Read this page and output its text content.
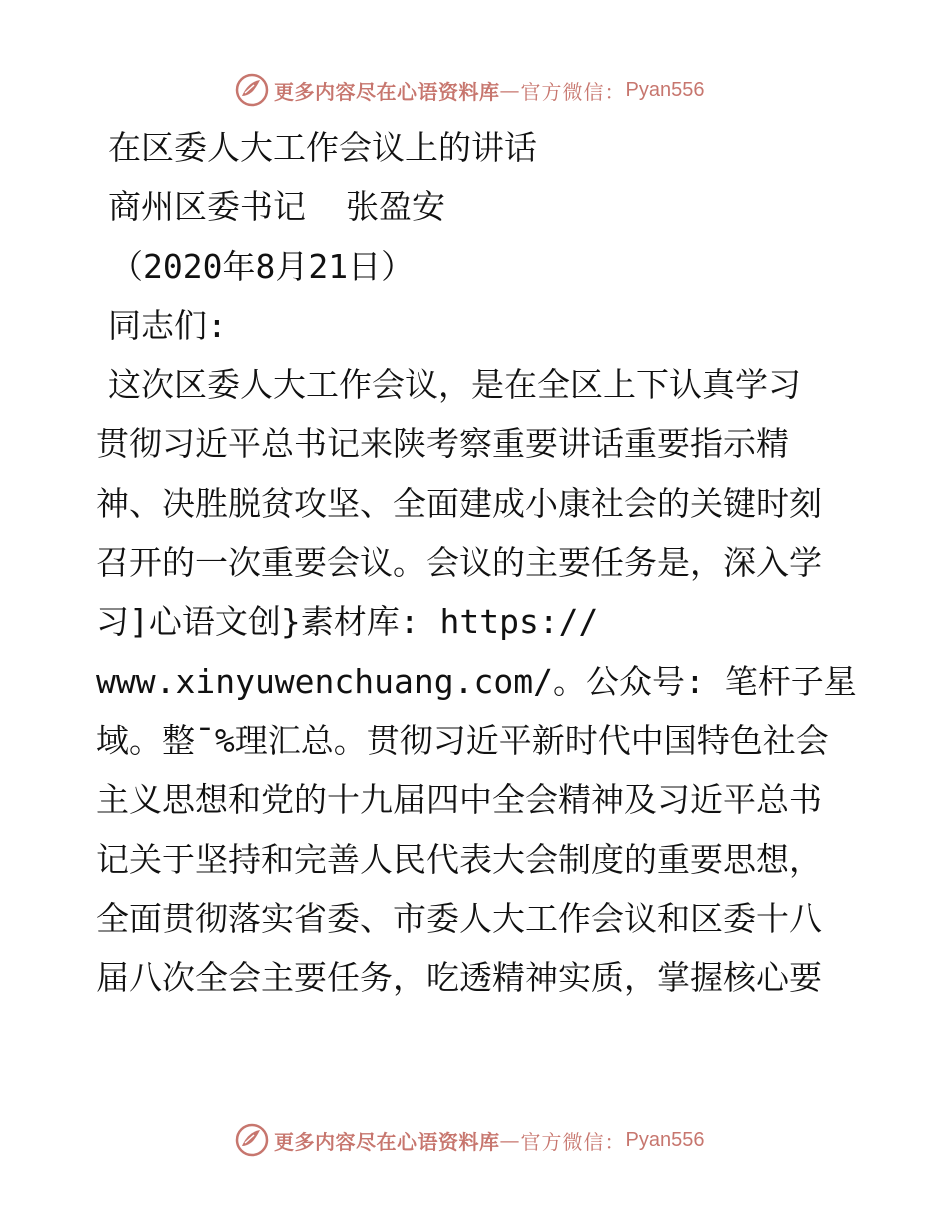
更多内容尽在心语资料库 — 官方微信： Pyan556
在区委人大工作会议上的讲话
商州区委书记 张盈安
（2020年8月21日）
同志们:
这次区委人大工作会议，是在全区上下认真学习
贯彻习近平总书记来陕考察重要讲话重要指示精
神、决胜脱贫攻坚、全面建成小康社会的关键时刻
召开的一次重要会议。会议的主要任务是，深入学
习]心语文创}素材库: https://
www.xinyuwenchuang.com/。公众号: 笔杆子星
域。整¯%理汇总。贯彻习近平新时代中国特色社会
主义思想和党的十九届四中全会精神及习近平总书
记关于坚持和完善人民代表大会制度的重要思想，
全面贯彻落实省委、市委人大工作会议和区委十八
届八次全会主要任务，吃透精神实质，掌握核心要
更多内容尽在心语资料库 — 官方微信： Pyan556
